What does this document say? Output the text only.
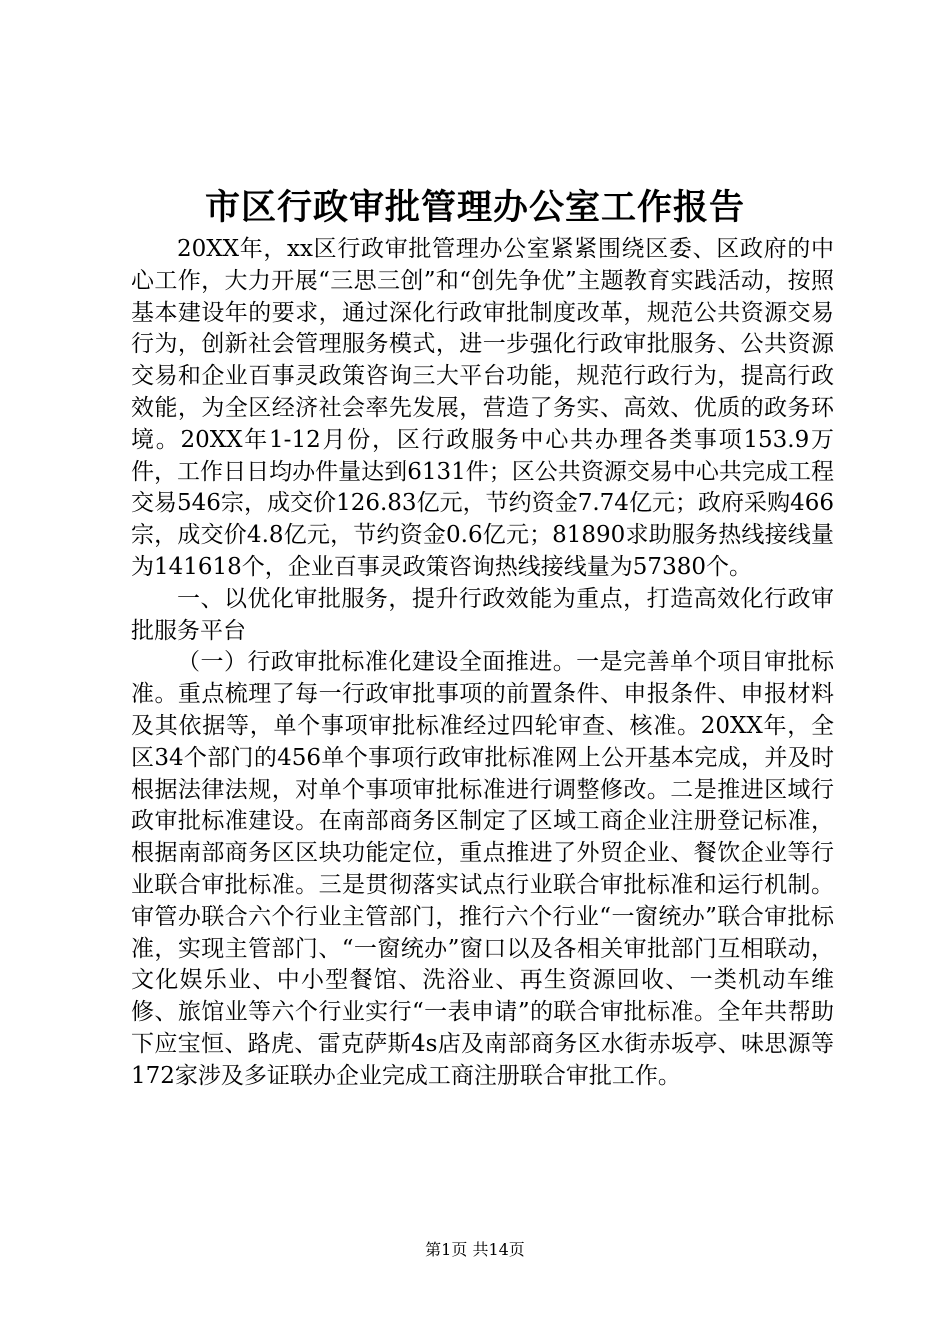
市区行政审批管理办公室工作报告

20XX年，xx区行政审批管理办公室紧紧围绕区委、区政府的中心工作，大力开展“三思三创”和“创先争优”主题教育实践活动，按照基本建设年的要求，通过深化行政审批制度改革，规范公共资源交易行为，创新社会管理服务模式，进一步强化行政审批服务、公共资源交易和企业百事灵政策咨询三大平台功能，规范行政行为，提高行政效能，为全区经济社会率先发展，营造了务实、高效、优质的政务环境。20XX年1-12月份，区行政服务中心共办理各类事项153.9万件，工作日日均办件量达到6131件；区公共资源交易中心共完成工程交易546宗，成交价126.83亿元，节约资金7.74亿元；政府采购466宗，成交价4.8亿元，节约资金0.6亿元；81890求助服务热线接线量为141618个，企业百事灵政策咨询热线接线量为57380个。

一、以优化审批服务，提升行政效能为重点，打造高效化行政审批服务平台

（一）行政审批标准化建设全面推进。一是完善单个项目审批标准。重点梳理了每一行政审批事项的前置条件、申报条件、申报材料及其依据等，单个事项审批标准经过四轮审查、核准。20XX年，全区34个部门的456单个事项行政审批标准网上公开基本完成，并及时根据法律法规，对单个事项审批标准进行调整修改。二是推进区域行政审批标准建设。在南部商务区制定了区域工商企业注册登记标准，根据南部商务区区块功能定位，重点推进了外贸企业、餐饮企业等行业联合审批标准。三是贯彻落实试点行业联合审批标准和运行机制。审管办联合六个行业主管部门，推行六个行业“一窗统办”联合审批标准，实现主管部门、“一窗统办”窗口以及各相关审批部门互相联动，文化娱乐业、中小型餐馆、洗浴业、再生资源回收、一类机动车维修、旅馆业等六个行业实行“一表申请”的联合审批标准。全年共帮助下应宝恒、路虎、雷克萨斯4s店及南部商务区水街赤坂亭、味思源等172家涉及多证联办企业完成工商注册联合审批工作。

第1页 共14页
